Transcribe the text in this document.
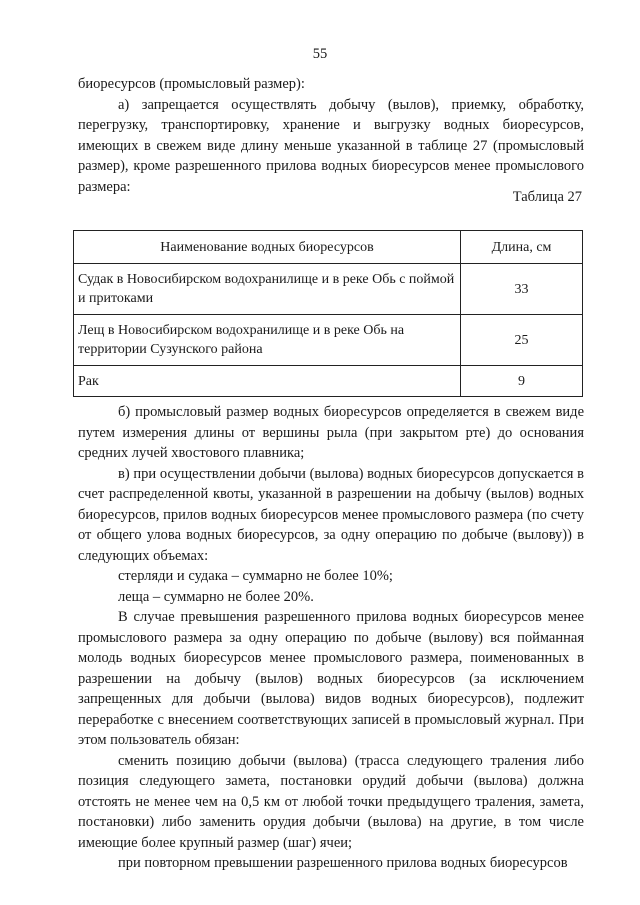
55

биоресурсов (промысловый размер):

а) запрещается осуществлять добычу (вылов), приемку, обработку, перегрузку, транспортировку, хранение и выгрузку водных биоресурсов, имеющих в свежем виде длину меньше указанной в таблице 27 (промысловый размер), кроме разрешенного прилова водных биоресурсов менее промыслового размера:

Таблица 27
Наименование водных биоресурсов	Длина, см
Судак в Новосибирском водохранилище и в реке Обь с поймой и притоками	33
Лещ в Новосибирском водохранилище и в реке Обь на территории Сузунского района	25
Рак	9

б) промысловый размер водных биоресурсов определяется в свежем виде путем измерения длины от вершины рыла (при закрытом рте) до основания средних лучей хвостового плавника;

в) при осуществлении добычи (вылова) водных биоресурсов допускается в счет распределенной квоты, указанной в разрешении на добычу (вылов) водных биоресурсов, прилов водных биоресурсов менее промыслового размера (по счету от общего улова водных биоресурсов, за одну операцию по добыче (вылову)) в следующих объемах:

стерляди и судака – суммарно не более 10%;

леща – суммарно не более 20%.

В случае превышения разрешенного прилова водных биоресурсов менее промыслового размера за одну операцию по добыче (вылову) вся пойманная молодь водных биоресурсов менее промыслового размера, поименованных в разрешении на добычу (вылов) водных биоресурсов (за исключением запрещенных для добычи (вылова) видов водных биоресурсов), подлежит переработке с внесением соответствующих записей в промысловый журнал. При этом пользователь обязан:

сменить позицию добычи (вылова) (трасса следующего траления либо позиция следующего замета, постановки орудий добычи (вылова) должна отстоять не менее чем на 0,5 км от любой точки предыдущего траления, замета, постановки) либо заменить орудия добычи (вылова) на другие, в том числе имеющие более крупный размер (шаг) ячеи;

при повторном превышении разрешенного прилова водных биоресурсов
